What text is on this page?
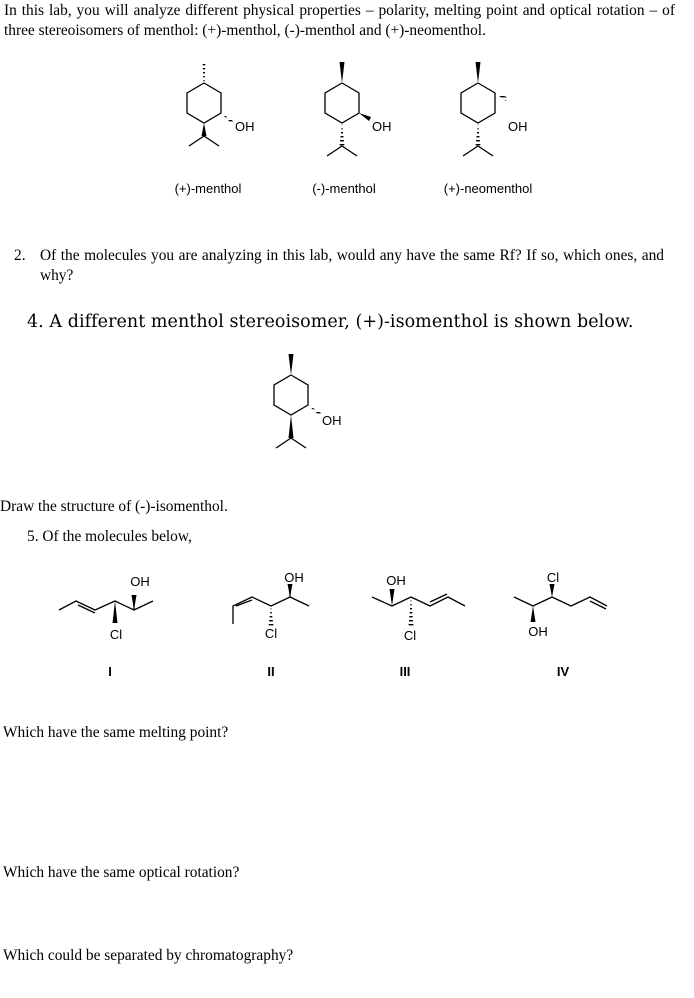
In this lab, you will analyze different physical properties – polarity, melting point and optical rotation – of three stereoisomers of menthol: (+)-menthol, (-)-menthol and (+)-neomenthol.
OH	OH	OH
(+)-menthol	(-)-menthol	(+)-neomenthol
2. Of the molecules you are analyzing in this lab, would any have the same Rf? If so, which ones, and why?
4. A different menthol stereoisomer, (+)-isomenthol is shown below.
OH
Draw the structure of (-)-isomenthol.
5. Of the molecules below,
OH
Cl
I
OH
Cl
II
OH
Cl
III
Cl
OH
IV
Which have the same melting point?
Which have the same optical rotation?
Which could be separated by chromatography?
